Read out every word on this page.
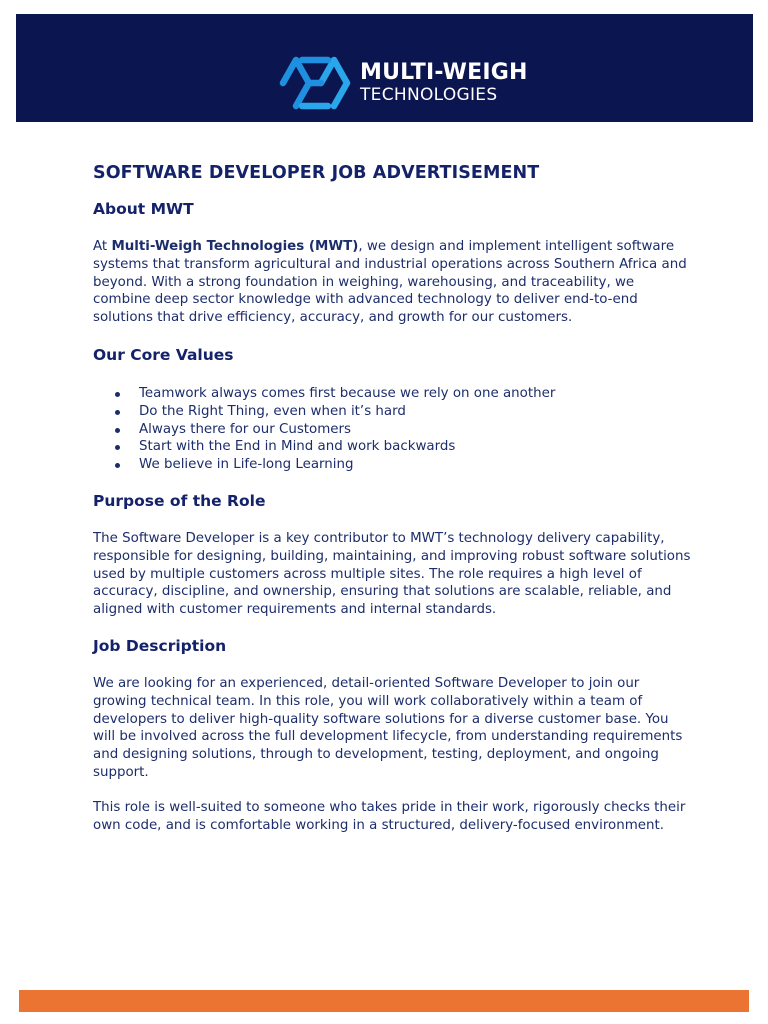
MULTI-WEIGH
TECHNOLOGIES
SOFTWARE DEVELOPER JOB ADVERTISEMENT
About MWT

At Multi-Weigh Technologies (MWT), we design and implement intelligent software systems that transform agricultural and industrial operations across Southern Africa and beyond. With a strong foundation in weighing, warehousing, and traceability, we combine deep sector knowledge with advanced technology to deliver end-to-end solutions that drive efficiency, accuracy, and growth for our customers.

Our Core Values
Teamwork always comes first because we rely on one another
Do the Right Thing, even when it’s hard
Always there for our Customers
Start with the End in Mind and work backwards
We believe in Life-long Learning
Purpose of the Role

The Software Developer is a key contributor to MWT’s technology delivery capability, responsible for designing, building, maintaining, and improving robust software solutions used by multiple customers across multiple sites. The role requires a high level of accuracy, discipline, and ownership, ensuring that solutions are scalable, reliable, and aligned with customer requirements and internal standards.

Job Description

We are looking for an experienced, detail-oriented Software Developer to join our growing technical team. In this role, you will work collaboratively within a team of developers to deliver high-quality software solutions for a diverse customer base. You will be involved across the full development lifecycle, from understanding requirements and designing solutions, through to development, testing, deployment, and ongoing support.

This role is well-suited to someone who takes pride in their work, rigorously checks their own code, and is comfortable working in a structured, delivery-focused environment.
